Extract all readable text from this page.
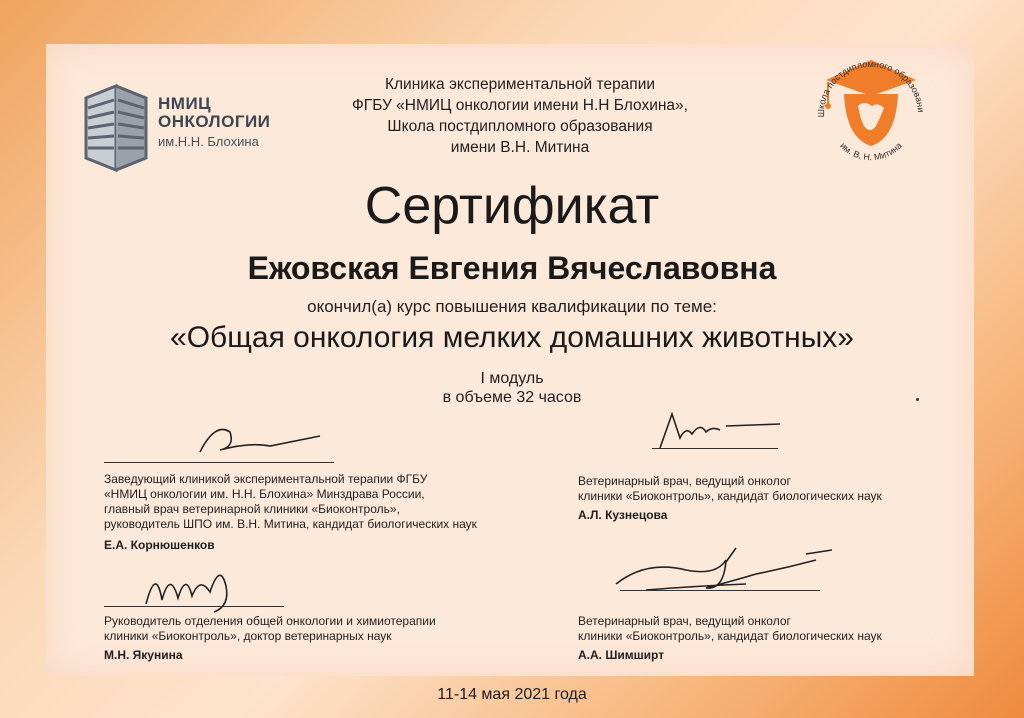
НМИЦ
ОНКОЛОГИИ
им.Н.Н. Блохина
Клиника экспериментальной терапии
ФГБУ «НМИЦ онкологии имени Н.Н Блохина»,
Школа постдипломного образования
имени В.Н. Митина
Школа постдипломного образовани
им. В. Н. Митина
Сертификат
Ежовская Евгения Вячеславовна
окончил(а) курс повышения квалификации по теме:
«Общая онкология мелких домашних животных»
I модуль
в объеме 32 часов
Заведующий клиникой экспериментальной терапии ФГБУ
«НМИЦ онкологии им. Н.Н. Блохина» Минздрава России,
главный врач ветеринарной клиники «Биоконтроль»,
руководитель ШПО им. В.Н. Митина, кандидат биологических наук
Е.А. Корнюшенков
Ветеринарный врач, ведущий онколог
клиники «Биоконтроль», кандидат биологических наук
А.Л. Кузнецова
Руководитель отделения общей онкологии и химиотерапии
клиники «Биоконтроль», доктор ветеринарных наук
М.Н. Якунина
Ветеринарный врач, ведущий онколог
клиники «Биоконтроль», кандидат биологических наук
А.А. Шимширт
11-14 мая 2021 года
